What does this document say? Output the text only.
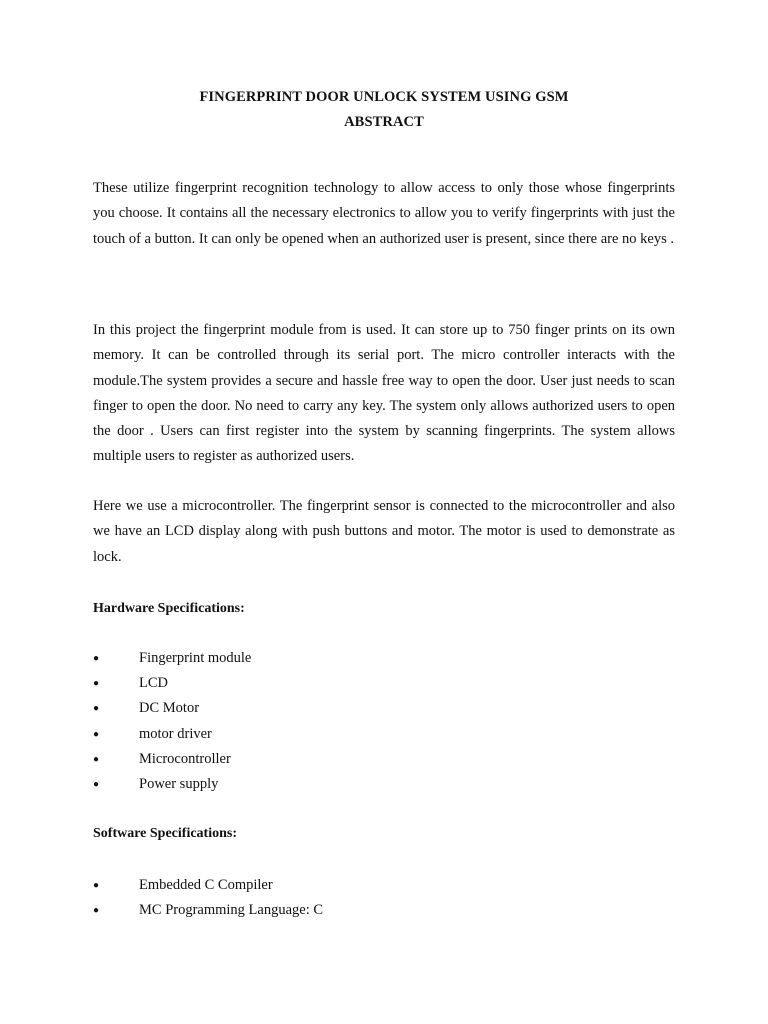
FINGERPRINT DOOR UNLOCK SYSTEM USING GSM
ABSTRACT

These utilize fingerprint recognition technology to allow access to only those whose fingerprints you choose. It contains all the necessary electronics to allow you to verify fingerprints with just the touch of a button. It can only be opened when an authorized user is present, since there are no keys .

In this project the fingerprint module from is used. It can store up to 750 finger prints on its own memory. It can be controlled through its serial port. The micro controller interacts with the module.The system provides a secure and hassle free way to open the door. User just needs to scan finger to open the door. No need to carry any key. The system only allows authorized users to open the door . Users can first register into the system by scanning fingerprints. The system allows multiple users to register as authorized users.

Here we use a microcontroller. The fingerprint sensor is connected to the microcontroller and also we have an LCD display along with push buttons and motor. The motor is used to demonstrate as lock.

Hardware Specifications:
●	Fingerprint module
●	LCD
●	DC Motor
●	motor driver
●	Microcontroller
●	Power supply
Software Specifications:
●	Embedded C Compiler
●	MC Programming Language: C
